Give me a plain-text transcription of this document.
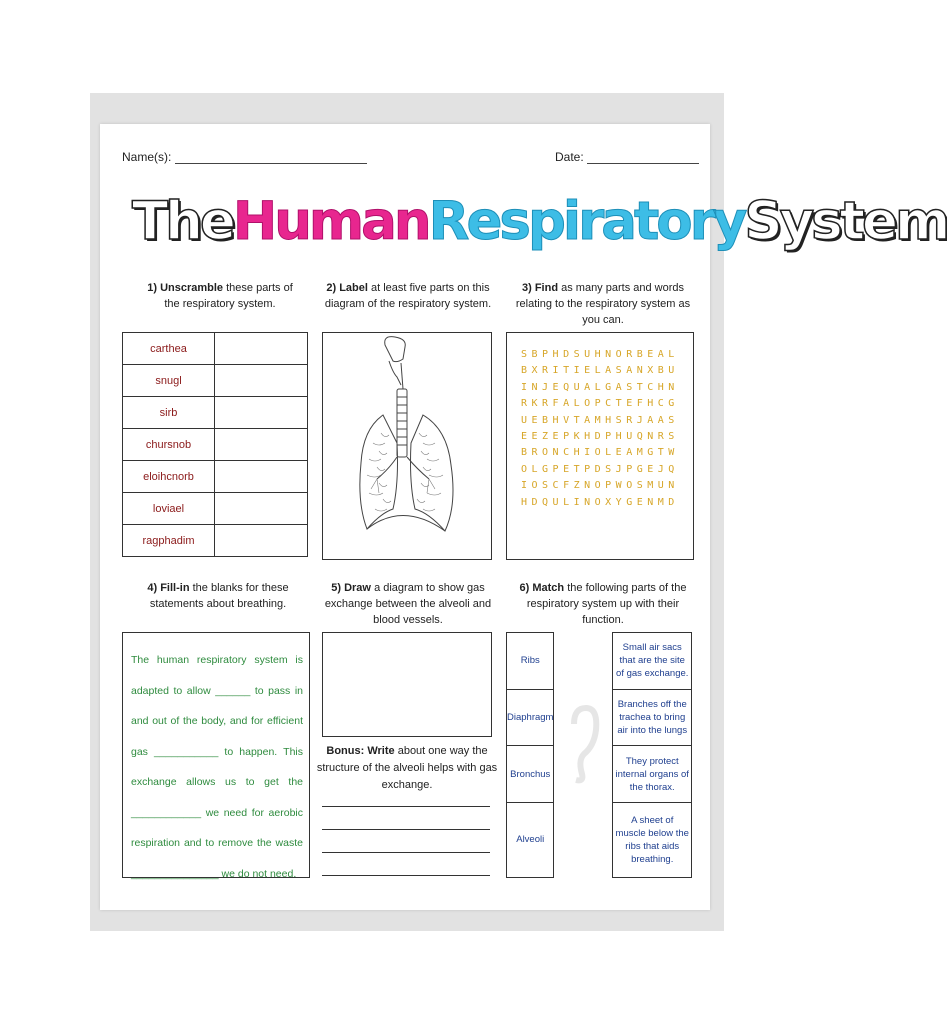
Name(s):	Date:
TheHumanRespiratorySystem
1) Unscramble these parts of the respiratory system.
carthea	
snugl	
sirb	
chursnob	
eloihcnorb	
loviael	
ragphadim	
2) Label at least five parts on this diagram of the respiratory system.
3) Find as many parts and words relating to the respiratory system as you can.
SBPHDSUHNORBEAL
BXRITIELASANXBU
INJEQUALGASTCHN
RKRFALOPCTEFHCG
UEBHVTAMHSRJAAS
EEZEPKHDPHUQNRS
BRONCHIOLEAMGTW
OLGPETPDSJPGEJQ
IOSCFZNOPWOSMUN
HDQULINOXYGENMD
4) Fill-in the blanks for these statements about breathing.
The human respiratory system is adapted to allow ______ to pass in and out of the body, and for efficient gas ___________ to happen. This exchange allows us to get the ____________ we need for aerobic respiration and to remove the waste _______________ we do not need.
5) Draw a diagram to show gas exchange between the alveoli and blood vessels.
Bonus: Write about one way the structure of the alveoli helps with gas exchange.
6) Match the following parts of the respiratory system up with their function.
Ribs		Small air sacs that are the site of gas exchange.
Diaphragm		Branches off the trachea to bring air into the lungs
Bronchus		They protect internal organs of the thorax.
Alveoli		A sheet of muscle below the ribs that aids breathing.
